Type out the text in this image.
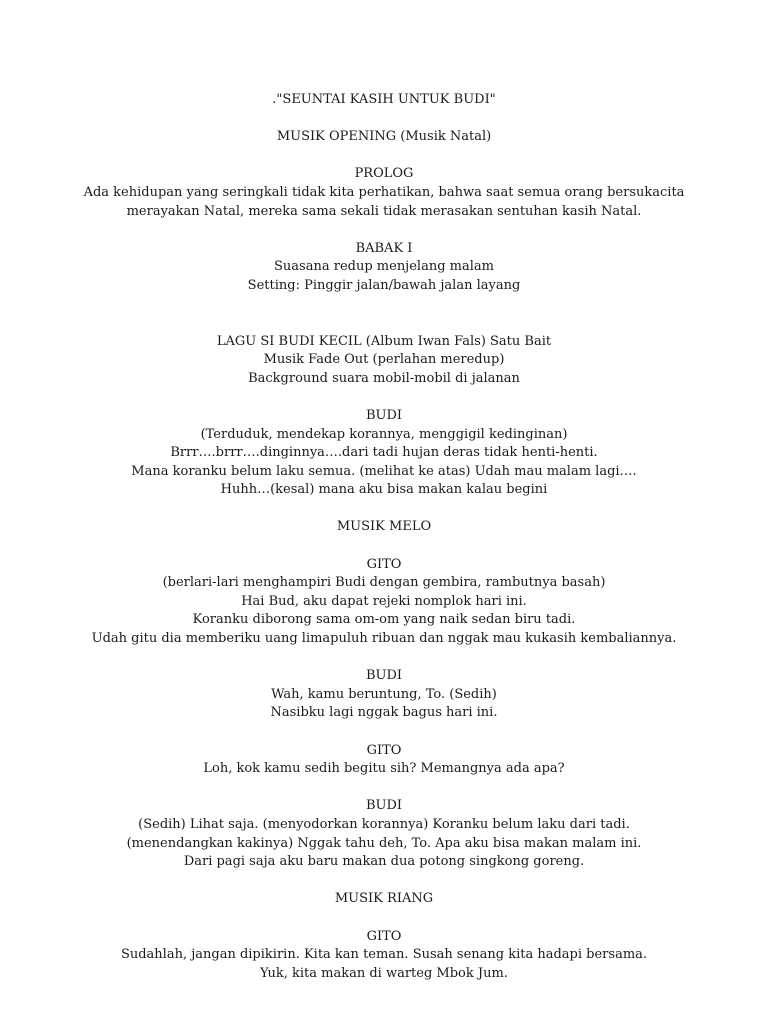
."SEUNTAI KASIH UNTUK BUDI"
MUSIK OPENING (Musik Natal)
PROLOG
Ada kehidupan yang seringkali tidak kita perhatikan, bahwa saat semua orang bersukacita
merayakan Natal, mereka sama sekali tidak merasakan sentuhan kasih Natal.
BABAK I
Suasana redup menjelang malam
Setting: Pinggir jalan/bawah jalan layang
LAGU SI BUDI KECIL (Album Iwan Fals) Satu Bait
Musik Fade Out (perlahan meredup)
Background suara mobil-mobil di jalanan
BUDI
(Terduduk, mendekap korannya, menggigil kedinginan)
Brrr….brrr….dinginnya….dari tadi hujan deras tidak henti-henti.
Mana koranku belum laku semua. (melihat ke atas) Udah mau malam lagi….
Huhh…(kesal) mana aku bisa makan kalau begini
MUSIK MELO
GITO
(berlari-lari menghampiri Budi dengan gembira, rambutnya basah)
Hai Bud, aku dapat rejeki nomplok hari ini.
Koranku diborong sama om-om yang naik sedan biru tadi.
Udah gitu dia memberiku uang limapuluh ribuan dan nggak mau kukasih kembaliannya.
BUDI
Wah, kamu beruntung, To. (Sedih)
Nasibku lagi nggak bagus hari ini.
GITO
Loh, kok kamu sedih begitu sih? Memangnya ada apa?
BUDI
(Sedih) Lihat saja. (menyodorkan korannya) Koranku belum laku dari tadi.
(menendangkan kakinya) Nggak tahu deh, To. Apa aku bisa makan malam ini.
Dari pagi saja aku baru makan dua potong singkong goreng.
MUSIK RIANG
GITO
Sudahlah, jangan dipikirin. Kita kan teman. Susah senang kita hadapi bersama.
Yuk, kita makan di warteg Mbok Jum.
